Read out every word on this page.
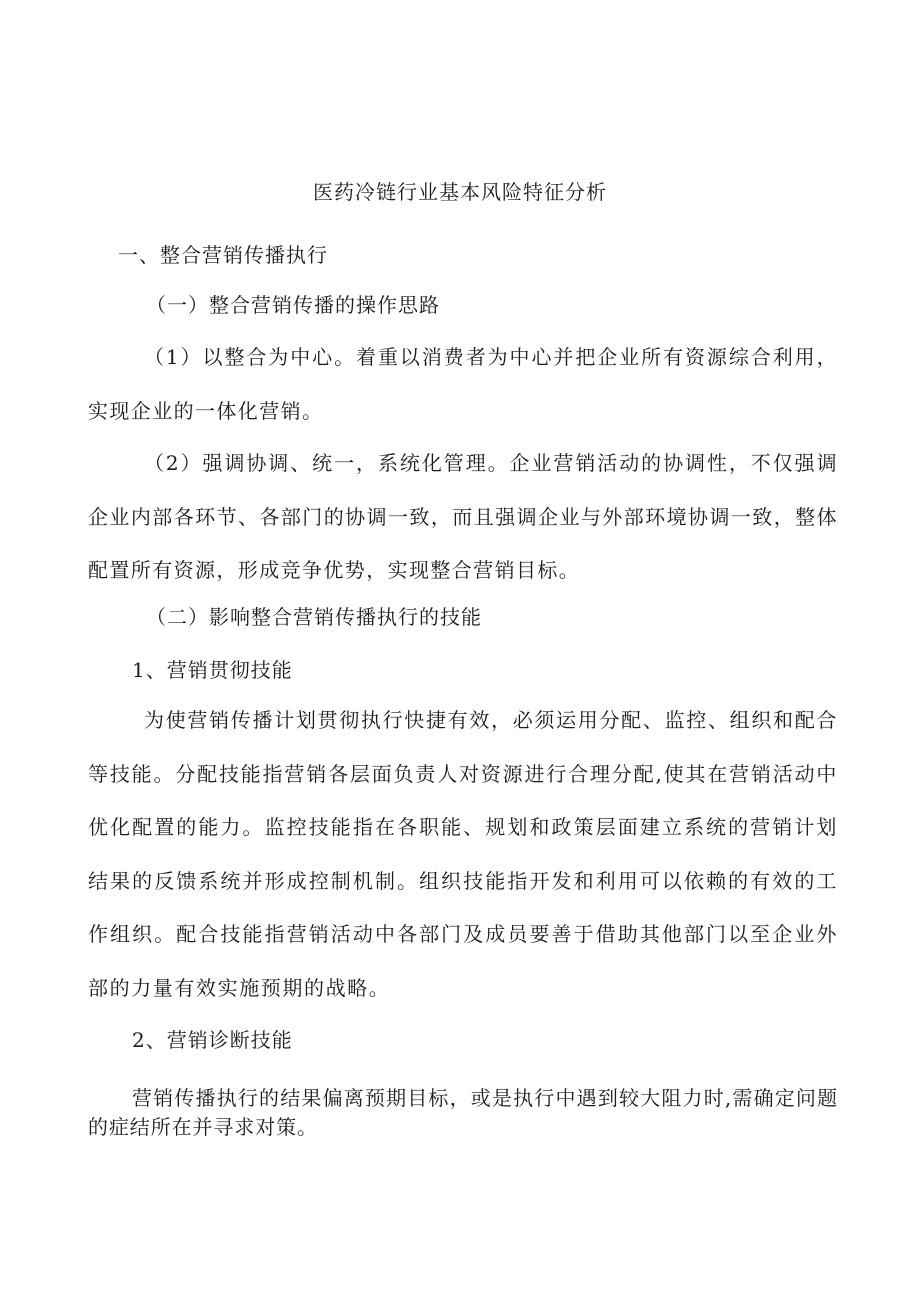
医药冷链行业基本风险特征分析
一、整合营销传播执行
（一）整合营销传播的操作思路

（1）以整合为中心。着重以消费者为中心并把企业所有资源综合利用，实现企业的一体化营销。

（2）强调协调、统一，系统化管理。企业营销活动的协调性，不仅强调企业内部各环节、各部门的协调一致，而且强调企业与外部环境协调一致，整体配置所有资源，形成竞争优势，实现整合营销目标。

（二）影响整合营销传播执行的技能
1、营销贯彻技能

为使营销传播计划贯彻执行快捷有效，必须运用分配、监控、组织和配合等技能。分配技能指营销各层面负责人对资源进行合理分配,使其在营销活动中优化配置的能力。监控技能指在各职能、规划和政策层面建立系统的营销计划结果的反馈系统并形成控制机制。组织技能指开发和利用可以依赖的有效的工作组织。配合技能指营销活动中各部门及成员要善于借助其他部门以至企业外部的力量有效实施预期的战略。

2、营销诊断技能

营销传播执行的结果偏离预期目标，或是执行中遇到较大阻力时,需确定问题的症结所在并寻求对策。
